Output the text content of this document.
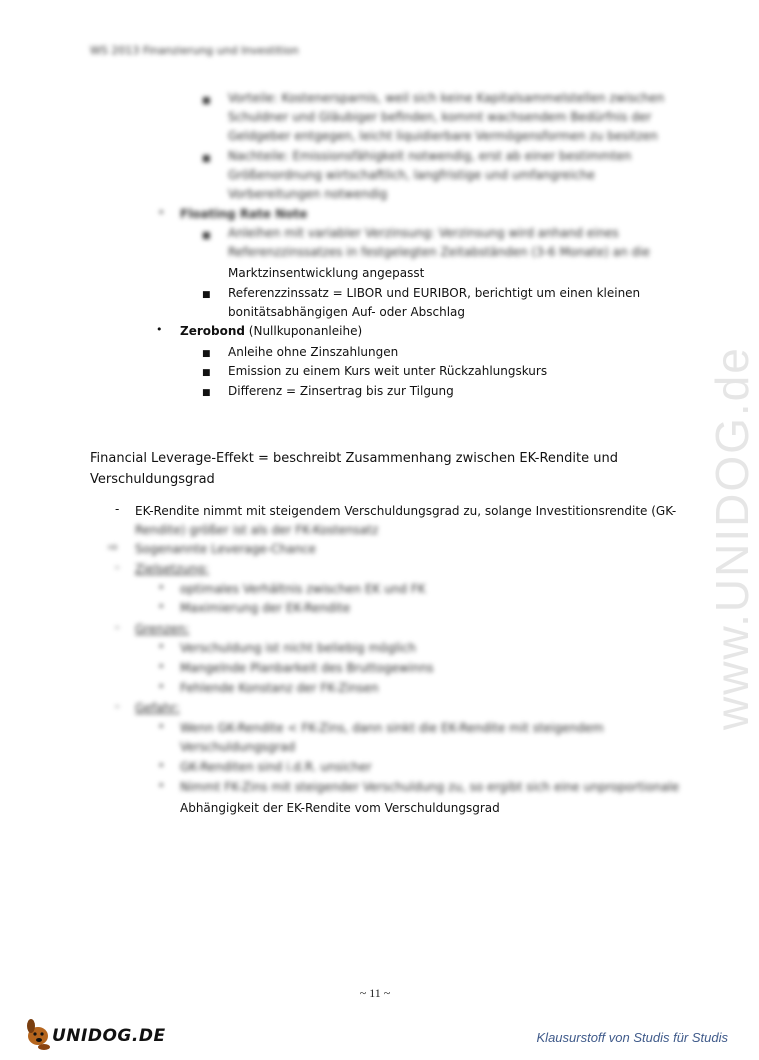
WS 2013 Finanzierung und Investition
■ Vorteile: Kostenersparnis, weil sich keine Kapitalsammelstellen zwischen
Schuldner und Gläubiger befinden, kommt wachsendem Bedürfnis der
Geldgeber entgegen, leicht liquidierbare Vermögensformen zu besitzen
■ Nachteile: Emissionsfähigkeit notwendig, erst ab einer bestimmten
Größenordnung wirtschaftlich, langfristige und umfangreiche
Vorbereitungen notwendig
• Floating Rate Note
■ Anleihen mit variabler Verzinsung: Verzinsung wird anhand eines
Referenzzinssatzes in festgelegten Zeitabständen (3-6 Monate) an die
Marktzinsentwicklung angepasst
■ Referenzzinssatz = LIBOR und EURIBOR, berichtigt um einen kleinen
bonitätsabhängigen Auf- oder Abschlag
• Zerobond (Nullkuponanleihe)
■ Anleihe ohne Zinszahlungen
■ Emission zu einem Kurs weit unter Rückzahlungskurs
■ Differenz = Zinsertrag bis zur Tilgung
Financial Leverage-Effekt = beschreibt Zusammenhang zwischen EK-Rendite und
Verschuldungsgrad
- EK-Rendite nimmt mit steigendem Verschuldungsgrad zu, solange Investitionsrendite (GK-
Rendite) größer ist als der FK-Kostensatz
⇨ Sogenannte Leverage-Chance
- Zielsetzung:
• optimales Verhältnis zwischen EK und FK
• Maximierung der EK-Rendite
- Grenzen:
• Verschuldung ist nicht beliebig möglich
• Mangelnde Planbarkeit des Bruttogewinns
• Fehlende Konstanz der FK-Zinsen
- Gefahr:
• Wenn GK-Rendite < FK-Zins, dann sinkt die EK-Rendite mit steigendem
Verschuldungsgrad
• GK-Renditen sind i.d.R. unsicher
• Nimmt FK-Zins mit steigender Verschuldung zu, so ergibt sich eine unproportionale
Abhängigkeit der EK-Rendite vom Verschuldungsgrad
www.UNIDOG.de
~ 11 ~
UNIDOG.DE	Klausurstoff von Studis für Studis
